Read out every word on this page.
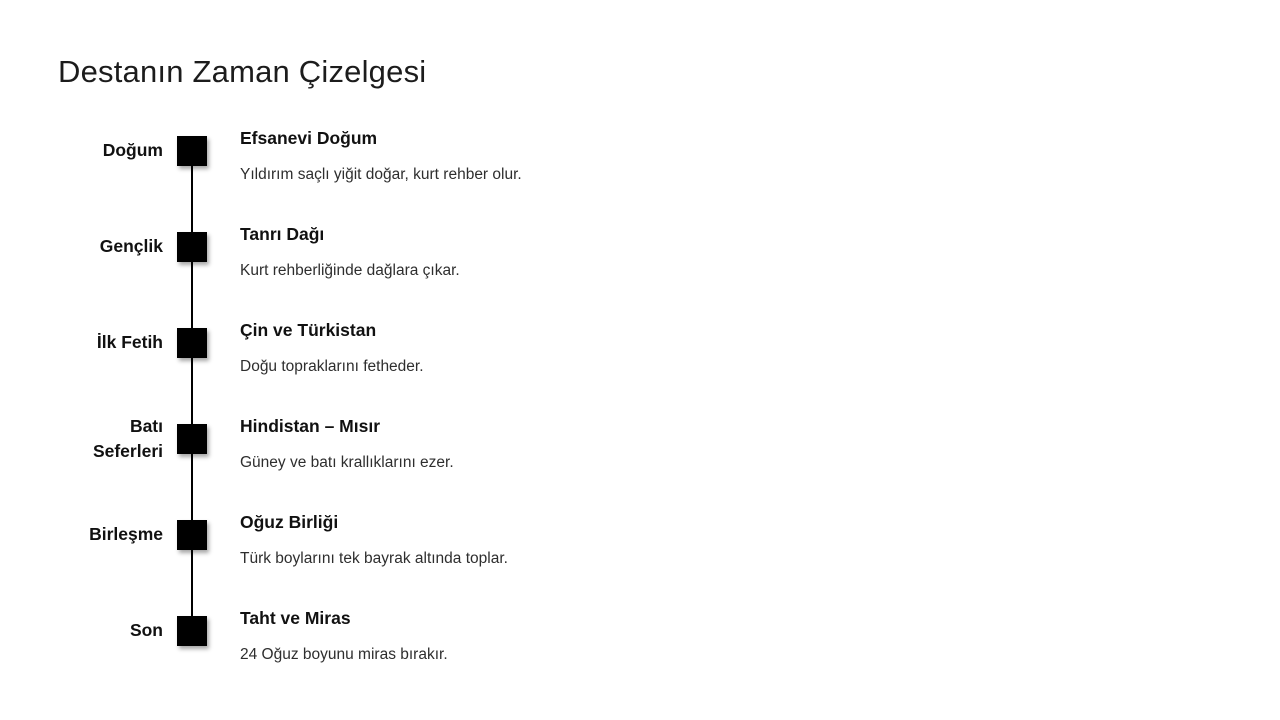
Destanın Zaman Çizelgesi
Doğum
Efsanevi Doğum
Yıldırım saçlı yiğit doğar, kurt rehber olur.
Gençlik
Tanrı Dağı
Kurt rehberliğinde dağlara çıkar.
İlk Fetih
Çin ve Türkistan
Doğu topraklarını fetheder.
Batı Seferleri
Hindistan – Mısır
Güney ve batı krallıklarını ezer.
Birleşme
Oğuz Birliği
Türk boylarını tek bayrak altında toplar.
Son
Taht ve Miras
24 Oğuz boyunu miras bırakır.
